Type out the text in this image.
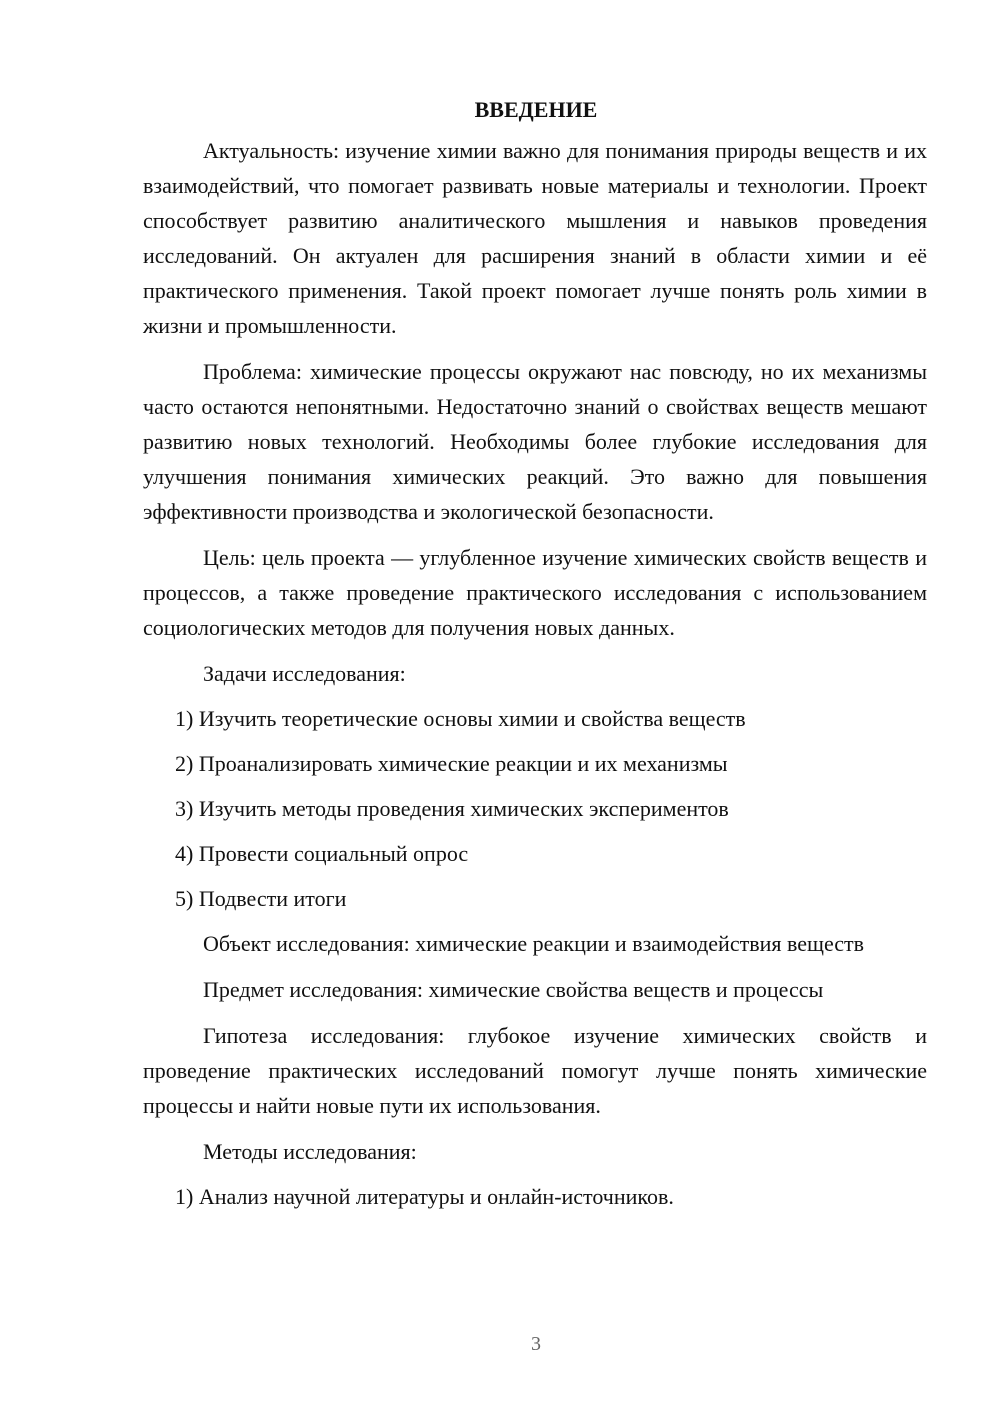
ВВЕДЕНИЕ

Актуальность: изучение химии важно для понимания природы веществ и их взаимодействий, что помогает развивать новые материалы и технологии. Проект способствует развитию аналитического мышления и навыков проведения исследований. Он актуален для расширения знаний в области химии и её практического применения. Такой проект помогает лучше понять роль химии в жизни и промышленности.

Проблема: химические процессы окружают нас повсюду, но их механизмы часто остаются непонятными. Недостаточно знаний о свойствах веществ мешают развитию новых технологий. Необходимы более глубокие исследования для улучшения понимания химических реакций. Это важно для повышения эффективности производства и экологической безопасности.

Цель: цель проекта — углубленное изучение химических свойств веществ и процессов, а также проведение практического исследования с использованием социологических методов для получения новых данных.

Задачи исследования:

1) Изучить теоретические основы химии и свойства веществ

2) Проанализировать химические реакции и их механизмы

3) Изучить методы проведения химических экспериментов

4) Провести социальный опрос

5) Подвести итоги

Объект исследования: химические реакции и взаимодействия веществ

Предмет исследования: химические свойства веществ и процессы

Гипотеза исследования: глубокое изучение химических свойств и проведение практических исследований помогут лучше понять химические процессы и найти новые пути их использования.

Методы исследования:

1) Анализ научной литературы и онлайн-источников.

3
